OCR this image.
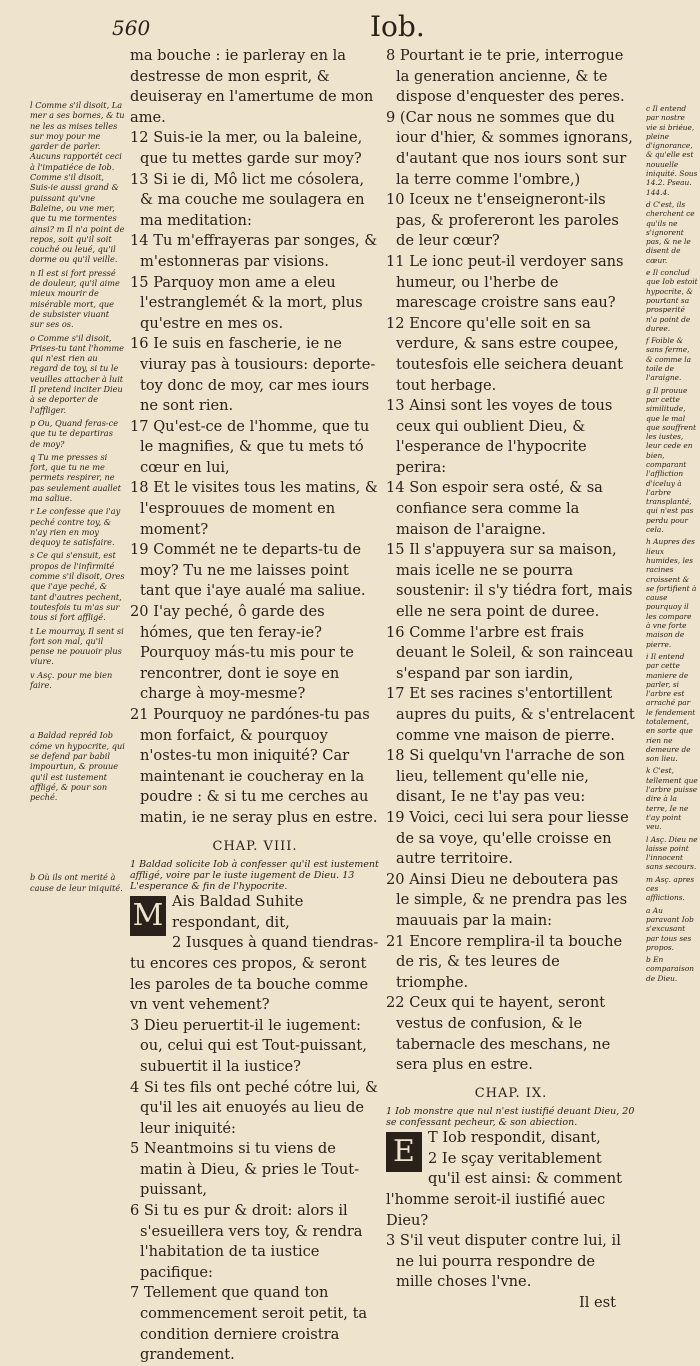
560	Iob.

l Comme s'il disoit, La mer a ses bornes, & tu ne les as mises telles sur moy pour me garder de parler. Aucuns rapportét ceci à l'impatiéce de Iob. Comme s'il disoit, Suis-ie aussi grand & puissant qu'vne Baleine, ou vne mer, que tu me tormentes ainsi? m Il n'a point de repos, soit qu'il soit couché ou leué, qu'il dorme ou qu'il veille.

n Il est si fort pressé de douleur, qu'il aime mieux mourir de misérable mort, que de subsister viuant sur ses os.

o Comme s'il disoit, Prises-tu tant l'homme qui n'est rien au regard de toy, si tu le veuilles attacher à luit Il pretend inciter Dieu à se deporter de l'affliger.

p Ou, Quand feras-ce que tu te departiras de moy?

q Tu me presses si fort, que tu ne me permets respirer, ne pas seulement auallet ma saliue.

r Le confesse que i'ay peché contre toy, & n'ay rien en moy dequoy te satisfaire.

s Ce qui s'ensuit, est propos de l'infirmité comme s'il disoit, Ores que i'aye peché, & tant d'autres pechent, toutesfois tu m'as sur tous si fort affligé.

t Le mourray, Il sent si fort son mal, qu'il pense ne pouuoir plus viure.

v Asç. pour me bien faire.

a Baldad repréd Iob cóme vn hypocrite, qui se defend par babil impourtun, & prouue qu'il est iustement affligé, & pour son peché.

b Où ils ont merité à cause de leur iniquité.

ma bouche : ie parleray en la destresse de mon esprit, & deuiseray en l'amertume de mon ame.

12 Suis-ie la mer, ou la baleine, que tu mettes garde sur moy?

13 Si ie di, Mô lict me cósolera, & ma couche me soulagera en ma meditation:

14 Tu m'effrayeras par songes, & m'estonneras par visions.

15 Parquoy mon ame a eleu l'estranglemét & la mort, plus qu'estre en mes os.

16 Ie suis en fascherie, ie ne viuray pas à tousiours: deporte-toy donc de moy, car mes iours ne sont rien.

17 Qu'est-ce de l'homme, que tu le magnifies, & que tu mets tó cœur en lui,

18 Et le visites tous les matins, & l'esprouues de moment en moment?

19 Commét ne te departs-tu de moy? Tu ne me laisses point tant que i'aye aualé ma saliue.

20 I'ay peché, ô garde des hómes, que ten feray-ie? Pourquoy más-tu mis pour te rencontrer, dont ie soye en charge à moy-mesme?

21 Pourquoy ne pardónes-tu pas mon forfaict, & pourquoy n'ostes-tu mon iniquité? Car maintenant ie coucheray en la poudre : & si tu me cerches au matin, ie ne seray plus en estre.

CHAP. VIII.

1 Baldad solicite Iob à confesser qu'il est iustement affligé, voire par le iuste iugement de Dieu. 13 L'esperance & fin de l'hypocrite.

M Ais Baldad Suhite respondant, dit,

2 Iusques à quand tiendras-tu encores ces propos, & seront les paroles de ta bouche comme vn vent vehement?

3 Dieu peruertit-il le iugement: ou, celui qui est Tout-puissant, subuertit il la iustice?

4 Si tes fils ont peché cótre lui, & qu'il les ait enuoyés au lieu de leur iniquité:

5 Neantmoins si tu viens de matin à Dieu, & pries le Tout-puissant,

6 Si tu es pur & droit: alors il s'esueillera vers toy, & rendra l'habitation de ta iustice pacifique:

7 Tellement que quand ton commencement seroit petit, ta condition derniere croistra grandement.

8 Pourtant ie te prie, interrogue la generation ancienne, & te dispose d'enquester des peres.

9 (Car nous ne sommes que du iour d'hier, & sommes ignorans, d'autant que nos iours sont sur la terre comme l'ombre,)

10 Iceux ne t'enseigneront-ils pas, & profereront les paroles de leur cœur?

11 Le ionc peut-il verdoyer sans humeur, ou l'herbe de marescage croistre sans eau?

12 Encore qu'elle soit en sa verdure, & sans estre coupee, toutesfois elle seichera deuant tout herbage.

13 Ainsi sont les voyes de tous ceux qui oublient Dieu, & l'esperance de l'hypocrite perira:

14 Son espoir sera osté, & sa confiance sera comme la maison de l'araigne.

15 Il s'appuyera sur sa maison, mais icelle ne se pourra soustenir: il s'y tiédra fort, mais elle ne sera point de duree.

16 Comme l'arbre est frais deuant le Soleil, & son rainceau s'espand par son iardin,

17 Et ses racines s'entortillent aupres du puits, & s'entrelacent comme vne maison de pierre.

18 Si quelqu'vn l'arrache de son lieu, tellement qu'elle nie, disant, Ie ne t'ay pas veu:

19 Voici, ceci lui sera pour liesse de sa voye, qu'elle croisse en autre territoire.

20 Ainsi Dieu ne deboutera pas le simple, & ne prendra pas les mauuais par la main:

21 Encore remplira-il ta bouche de ris, & tes leures de triomphe.

22 Ceux qui te hayent, seront vestus de confusion, & le tabernacle des meschans, ne sera plus en estre.

CHAP. IX.

1 Iob monstre que nul n'est iustifié deuant Dieu, 20 se confessant pecheur, & son abiection.

E T Iob respondit, disant,

2 Ie sçay veritablement qu'il est ainsi: & comment l'homme seroit-il iustifié auec Dieu?

3 S'il veut disputer contre lui, il ne lui pourra respondre de mille choses l'vne.

Il est

c Il entend par nostre vie si briéue, pleine d'ignorance, & qu'elle est nouuelle iniquité. Sous 14.2. Pseau. 144.4.

d C'est, ils cherchent ce qu'ils ne s'ignorent pas, & ne le disent de cœur.

e Il conclud que Iob estoit hypocrite, & pourtant sa prosperité n'a point de duree.

f Foible & sans ferme, & comme la toile de l'araigne.

g Il prouue par cette similitude, que le mal que souffrent les iustes, leur cede en bien, comparant l'affliction d'iceluy à l'arbre transplanté, qui n'est pas perdu pour cela.

h Aupres des lieux humides, les racines croissent & se fortifient à cause pourquoy il les compare à vne forte maison de pierre.

i Il entend par cette maniere de parler, si l'arbre est arraché par le fendement totalement, en sorte que rien ne demeure de son lieu.

k C'est, tellement que l'arbre puisse dire à la terre, Ie ne t'ay point veu.

l Asç. Dieu ne laisse point l'innocent sans secours.

m Asç. apres ces afflictions.

a Au paravant Iob s'excusant par tous ses propos.

b En comparaison de Dieu.
